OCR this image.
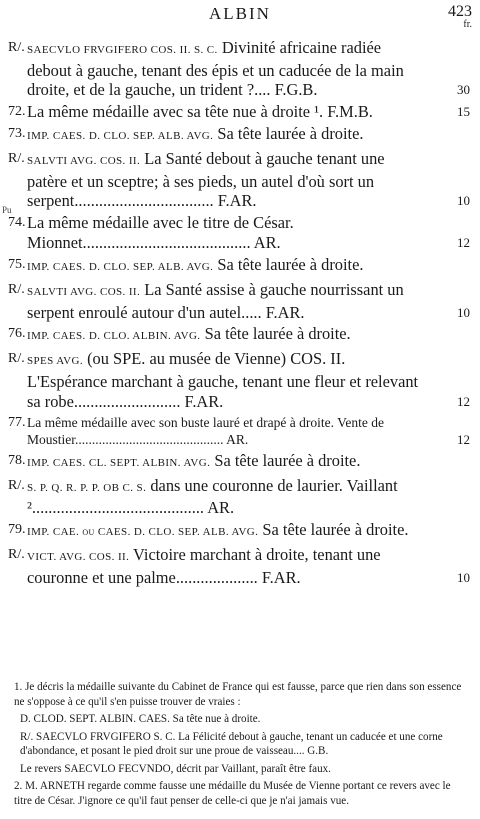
ALBIN	423
fr.
Pu
R/. SAECVLO FRVGIFERO COS. II. S. C. Divinité africaine radiée debout à gauche, tenant des épis et un caducée de la main droite, et de la gauche, un trident ?.... F.G.B.	30
72. La même médaille avec sa tête nue à droite ¹. F.M.B.	15
73. IMP. CAES. D. CLO. SEP. ALB. AVG. Sa tête laurée à droite.
R/. SALVTI AVG. COS. II. La Santé debout à gauche tenant une patère et un sceptre; à ses pieds, un autel d'où sort un serpent.................................. F.AR.	10
74. La même médaille avec le titre de César. Mionnet......................................... AR.	12
75. IMP. CAES. D. CLO. SEP. ALB. AVG. Sa tête laurée à droite.
R/. SALVTI AVG. COS. II. La Santé assise à gauche nourrissant un serpent enroulé autour d'un autel..... F.AR.	10
76. IMP. CAES. D. CLO. ALBIN. AVG. Sa tête laurée à droite.
R/. SPES AVG. (ou SPE. au musée de Vienne) COS. II. L'Espérance marchant à gauche, tenant une fleur et relevant sa robe.......................... F.AR.	12
77. La même médaille avec son buste lauré et drapé à droite. Vente de Moustier............................................ AR.	12
78. IMP. CAES. CL. SEPT. ALBIN. AVG. Sa tête laurée à droite.
R/. S. P. Q. R. P. P. OB C. S. dans une couronne de laurier. Vaillant ².......................................... AR.
79. IMP. CAE. ou CAES. D. CLO. SEP. ALB. AVG. Sa tête laurée à droite.
R/. VICT. AVG. COS. II. Victoire marchant à droite, tenant une couronne et une palme.................... F.AR.	10
1. Je décris la médaille suivante du Cabinet de France qui est fausse, parce que rien dans son essence ne s'oppose à ce qu'il s'en puisse trouver de vraies :
D. CLOD. SEPT. ALBIN. CAES. Sa tête nue à droite.
R/. SAECVLO FRVGIFERO S. C. La Félicité debout à gauche, tenant un caducée et une corne d'abondance, et posant le pied droit sur une proue de vaisseau.... G.B.
Le revers SAECVLO FECVNDO, décrit par Vaillant, paraît être faux.
2. M. ARNETH regarde comme fausse une médaille du Musée de Vienne portant ce revers avec le titre de César. J'ignore ce qu'il faut penser de celle-ci que je n'ai jamais vue.
